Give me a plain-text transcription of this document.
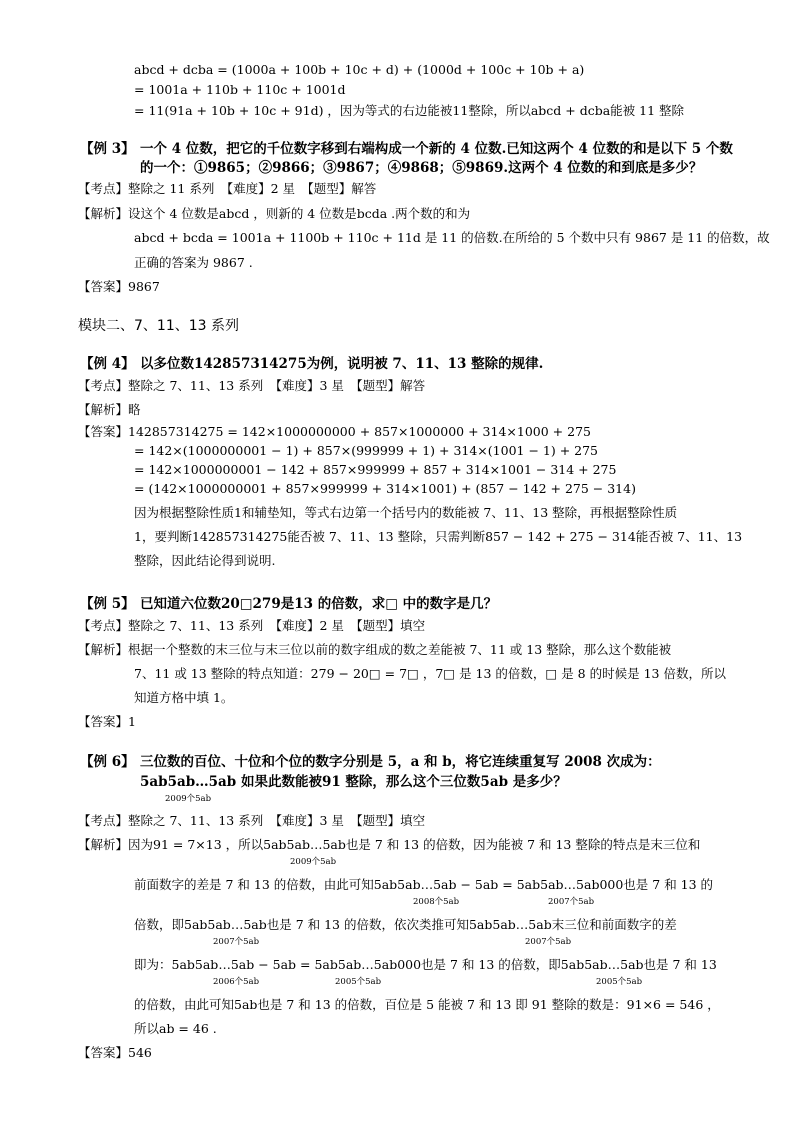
abcd + dcba = (1000a + 100b + 10c + d) + (1000d + 100c + 10b + a)
= 1001a + 110b + 110c + 1001d
= 11(91a + 10b + 10c + 91d) ，因为等式的右边能被11整除，所以abcd + dcba能被 11 整除
【例 3】 一个 4 位数，把它的千位数字移到右端构成一个新的 4 位数.已知这两个 4 位数的和是以下 5 个数
的一个：①9865；②9866；③9867；④9868；⑤9869.这两个 4 位数的和到底是多少？
【考点】整除之 11 系列　【难度】2 星　【题型】解答
【解析】设这个 4 位数是abcd ，则新的 4 位数是bcda .两个数的和为
abcd + bcda = 1001a + 1100b + 110c + 11d 是 11 的倍数.在所给的 5 个数中只有 9867 是 11 的倍数，故
正确的答案为 9867 .
【答案】9867
模块二、7、11、13 系列
【例 4】 以多位数142857314275为例，说明被 7、11、13 整除的规律.
【考点】整除之 7、11、13 系列　【难度】3 星　【题型】解答
【解析】略
【答案】142857314275 = 142×1000000000 + 857×1000000 + 314×1000 + 275
= 142×(1000000001 − 1) + 857×(999999 + 1) + 314×(1001 − 1) + 275
= 142×1000000001 − 142 + 857×999999 + 857 + 314×1001 − 314 + 275
= (142×1000000001 + 857×999999 + 314×1001) + (857 − 142 + 275 − 314)
因为根据整除性质1和辅垫知，等式右边第一个括号内的数能被 7、11、13 整除，再根据整除性质
1，要判断142857314275能否被 7、11、13 整除，只需判断857 − 142 + 275 − 314能否被 7、11、13
整除，因此结论得到说明.
【例 5】 已知道六位数20□279是13 的倍数，求□ 中的数字是几？
【考点】整除之 7、11、13 系列　【难度】2 星　【题型】填空
【解析】根据一个整数的末三位与末三位以前的数字组成的数之差能被 7、11 或 13 整除，那么这个数能被
7、11 或 13 整除的特点知道：279 − 20□ = 7□ ，7□ 是 13 的倍数，□ 是 8 的时候是 13 倍数，所以
知道方格中填 1。
【答案】1
【例 6】 三位数的百位、十位和个位的数字分别是 5，a 和 b，将它连续重复写 2008 次成为：
5ab5ab…5ab 如果此数能被91 整除，那么这个三位数5ab 是多少？
2009个5ab
【考点】整除之 7、11、13 系列　【难度】3 星　【题型】填空
【解析】因为91 = 7×13 ，所以5ab5ab…5ab也是 7 和 13 的倍数，因为能被 7 和 13 整除的特点是末三位和
2009个5ab
前面数字的差是 7 和 13 的倍数，由此可知5ab5ab…5ab − 5ab = 5ab5ab…5ab000也是 7 和 13 的
2008个5ab	2007个5ab
倍数，即5ab5ab…5ab也是 7 和 13 的倍数，依次类推可知5ab5ab…5ab末三位和前面数字的差
2007个5ab	2007个5ab
即为：5ab5ab…5ab − 5ab = 5ab5ab…5ab000也是 7 和 13 的倍数，即5ab5ab…5ab也是 7 和 13
2006个5ab	2005个5ab	2005个5ab
的倍数，由此可知5ab也是 7 和 13 的倍数，百位是 5 能被 7 和 13 即 91 整除的数是：91×6 = 546 ，
所以ab = 46 .
【答案】546
